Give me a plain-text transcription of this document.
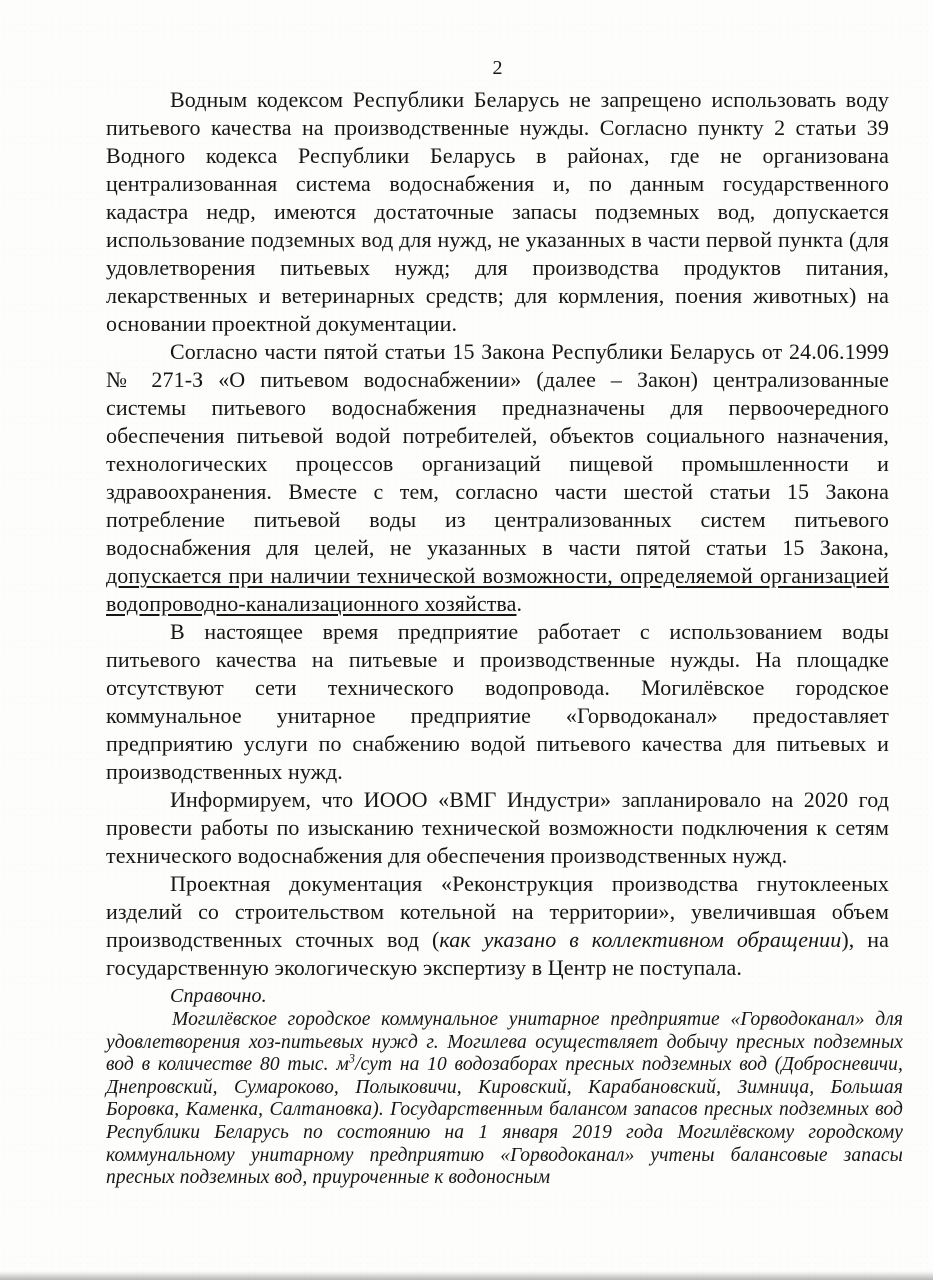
2

Водным кодексом Республики Беларусь не запрещено использовать воду питьевого качества на производственные нужды. Согласно пункту 2 статьи 39 Водного кодекса Республики Беларусь в районах, где не организована централизованная система водоснабжения и, по данным государственного кадастра недр, имеются достаточные запасы подземных вод, допускается использование подземных вод для нужд, не указанных в части первой пункта (для удовлетворения питьевых нужд; для производства продуктов питания, лекарственных и ветеринарных средств; для кормления, поения животных) на основании проектной документации.

Согласно части пятой статьи 15 Закона Республики Беларусь от 24.06.1999 № 271-З «О питьевом водоснабжении» (далее – Закон) централизованные системы питьевого водоснабжения предназначены для первоочередного обеспечения питьевой водой потребителей, объектов социального назначения, технологических процессов организаций пищевой промышленности и здравоохранения. Вместе с тем, согласно части шестой статьи 15 Закона потребление питьевой воды из централизованных систем питьевого водоснабжения для целей, не указанных в части пятой статьи 15 Закона, допускается при наличии технической возможности, определяемой организацией водопроводно-канализационного хозяйства.

В настоящее время предприятие работает с использованием воды питьевого качества на питьевые и производственные нужды. На площадке отсутствуют сети технического водопровода. Могилёвское городское коммунальное унитарное предприятие «Горводоканал» предоставляет предприятию услуги по снабжению водой питьевого качества для питьевых и производственных нужд.

Информируем, что ИООО «ВМГ Индустри» запланировало на 2020 год провести работы по изысканию технической возможности подключения к сетям технического водоснабжения для обеспечения производственных нужд.

Проектная документация «Реконструкция производства гнутоклееных изделий со строительством котельной на территории», увеличившая объем производственных сточных вод (как указано в коллективном обращении), на государственную экологическую экспертизу в Центр не поступала.

Справочно.

Могилёвское городское коммунальное унитарное предприятие «Горводоканал» для удовлетворения хоз-питьевых нужд г. Могилева осуществляет добычу пресных подземных вод в количестве 80 тыс. $м^3$/сут на 10 водозаборах пресных подземных вод (Добросневичи, Днепровский, Сумароково, Полыковичи, Кировский, Карабановский, Зимница, Большая Боровка, Каменка, Салтановка). Государственным балансом запасов пресных подземных вод Республики Беларусь по состоянию на 1 января 2019 года Могилёвскому городскому коммунальному унитарному предприятию «Горводоканал» учтены балансовые запасы пресных подземных вод, приуроченные к водоносным
